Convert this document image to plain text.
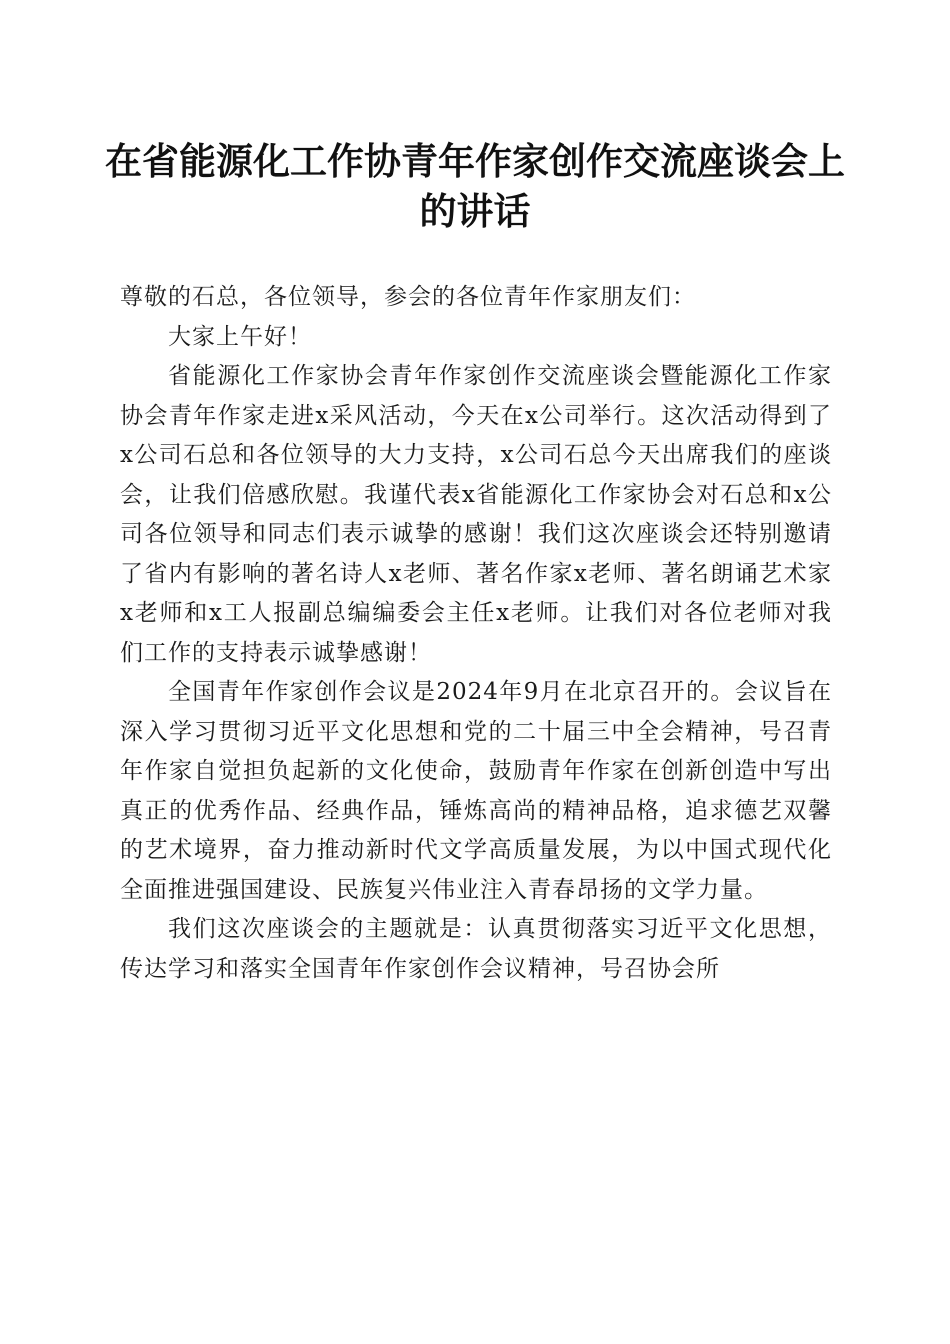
在省能源化工作协青年作家创作交流座谈会上的讲话

尊敬的石总，各位领导，参会的各位青年作家朋友们：

大家上午好！

省能源化工作家协会青年作家创作交流座谈会暨能源化工作家协会青年作家走进x采风活动，今天在x公司举行。这次活动得到了x公司石总和各位领导的大力支持，x公司石总今天出席我们的座谈会，让我们倍感欣慰。我谨代表x省能源化工作家协会对石总和x公司各位领导和同志们表示诚挚的感谢！我们这次座谈会还特别邀请了省内有影响的著名诗人x老师、著名作家x老师、著名朗诵艺术家x老师和x工人报副总编编委会主任x老师。让我们对各位老师对我们工作的支持表示诚挚感谢！

全国青年作家创作会议是2024年9月在北京召开的。会议旨在深入学习贯彻习近平文化思想和党的二十届三中全会精神，号召青年作家自觉担负起新的文化使命，鼓励青年作家在创新创造中写出真正的优秀作品、经典作品，锤炼高尚的精神品格，追求德艺双馨的艺术境界，奋力推动新时代文学高质量发展，为以中国式现代化全面推进强国建设、民族复兴伟业注入青春昂扬的文学力量。

我们这次座谈会的主题就是：认真贯彻落实习近平文化思想，传达学习和落实全国青年作家创作会议精神，号召协会所
